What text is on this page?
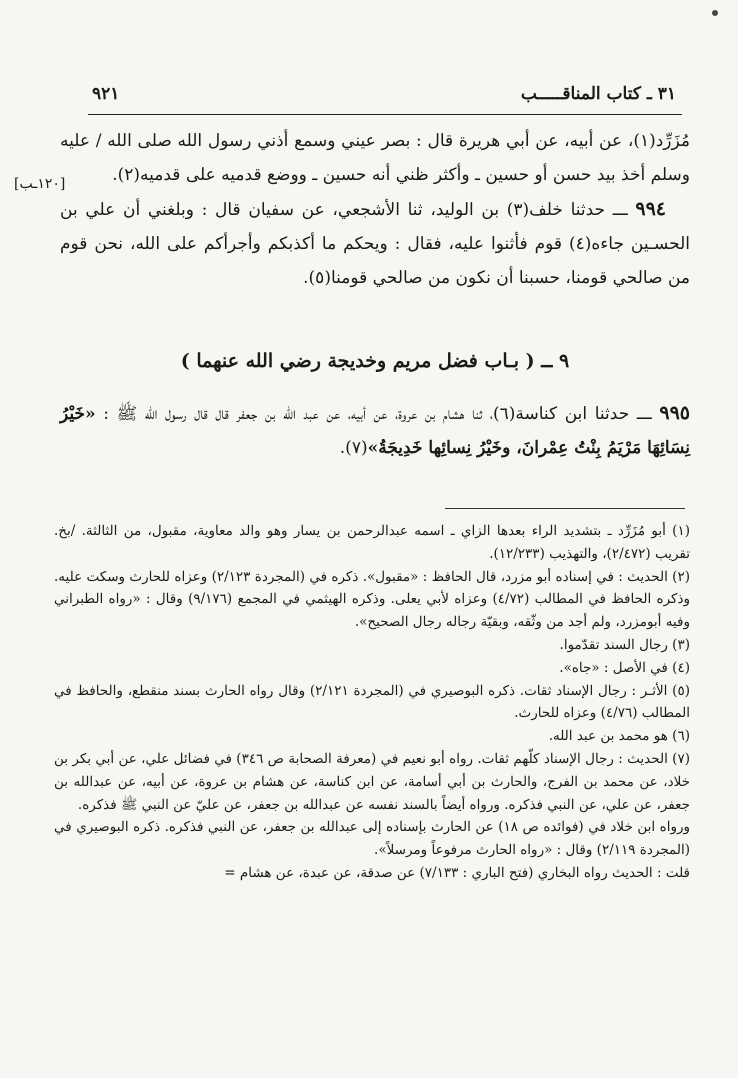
٩٢١	٣١ ـ كتاب المناقـــــب
[١٢٠ـب]

مُزَرِّد(١)، عن أبيه، عن أبي هريرة قال : بصر عيني وسمع أذني رسول الله صلى الله / عليه وسلم أخذ بيد حسن أو حسين ـ وأكثر ظني أنه حسين ـ ووضع قدميه على قدميه(٢).

٩٩٤ ـــ حدثنا خلف(٣) بن الوليد، ثنا الأشجعي، عن سفيان قال : وبلغني أن علي بن الحسـين جاءه(٤) قوم فأثنوا عليه، فقال : ويحكم ما أكذبكم وأجرأكم على الله، نحن قوم من صالحي قومنا، حسبنا أن نكون من صالحي قومنا(٥).

٩ ــ ( بـاب فضل مريم وخديجة رضي الله عنهما )
٩٩٥ ـــ حدثنا ابن كناسة(٦)، ثنا هشام بن عروة، عن أبيه، عن عبد الله بن جعفر قال قال رسول الله ﷺ : «خَيْرُ نِسَائِهَا مَرْيَمُ بِنْتُ عِمْرانَ، وخَيْرُ نِسائِها خَدِيجَةُ»(٧).

(١) أبو مُزَرِّد ـ بتشديد الراء بعدها الزاي ـ اسمه عبدالرحمن بن يسار وهو والد معاوية، مقبول، من الثالثة. /بخ. تقريب (٢/٤٧٢)، والتهذيب (١٢/٢٣٣).

(٢) الحديث : في إسناده أبو مزرد، قال الحافظ : «مقبول». ذكره في (المجردة ٢/١٢٣) وعزاه للحارث وسكت عليه. وذكره الحافظ في المطالب (٤/٧٢) وعزاه لأبي يعلى. وذكره الهيثمي في المجمع (٩/١٧٦) وقال : «رواه الطبراني وفيه أبومزرد، ولم أجد من وثّقه، وبقيّة رجاله رجال الصحيح».

(٣) رجال السند تقدّموا.

(٤) في الأصل : «جاه».

(٥) الأثـر : رجال الإسناد ثقات. ذكره البوصيري في (المجردة ٢/١٢١) وقال رواه الحارث بسند منقطع، والحافظ في المطالب (٤/٧٦) وعزاه للحارث.

(٦) هو محمد بن عبد الله.

(٧) الحديث : رجال الإسناد كلّهم ثقات. رواه أبو نعيم في (معرفة الصحابة ص ٣٤٦) في فضائل علي، عن أبي بكر بن خلاد، عن محمد بن الفرج، والحارث بن أبي أسامة، عن ابن كناسة، عن هشام بن عروة، عن أبيه، عن عبدالله بن جعفر، عن علي، عن النبي فذكره. ورواه أيضاً بالسند نفسه عن عبدالله بن جعفر، عن عليّ عن النبي ﷺ فذكره.

ورواه ابن خلاد في (فوائده ص ١٨) عن الحارث بإسناده إلى عبدالله بن جعفر، عن النبي فذكره. ذكره البوصيري في (المجردة ٢/١١٩) وقال : «رواه الحارث مرفوعاً ومرسلاً».

قلت : الحديث رواه البخاري (فتح الباري : ٧/١٣٣) عن صدقة، عن عبدة، عن هشام =
